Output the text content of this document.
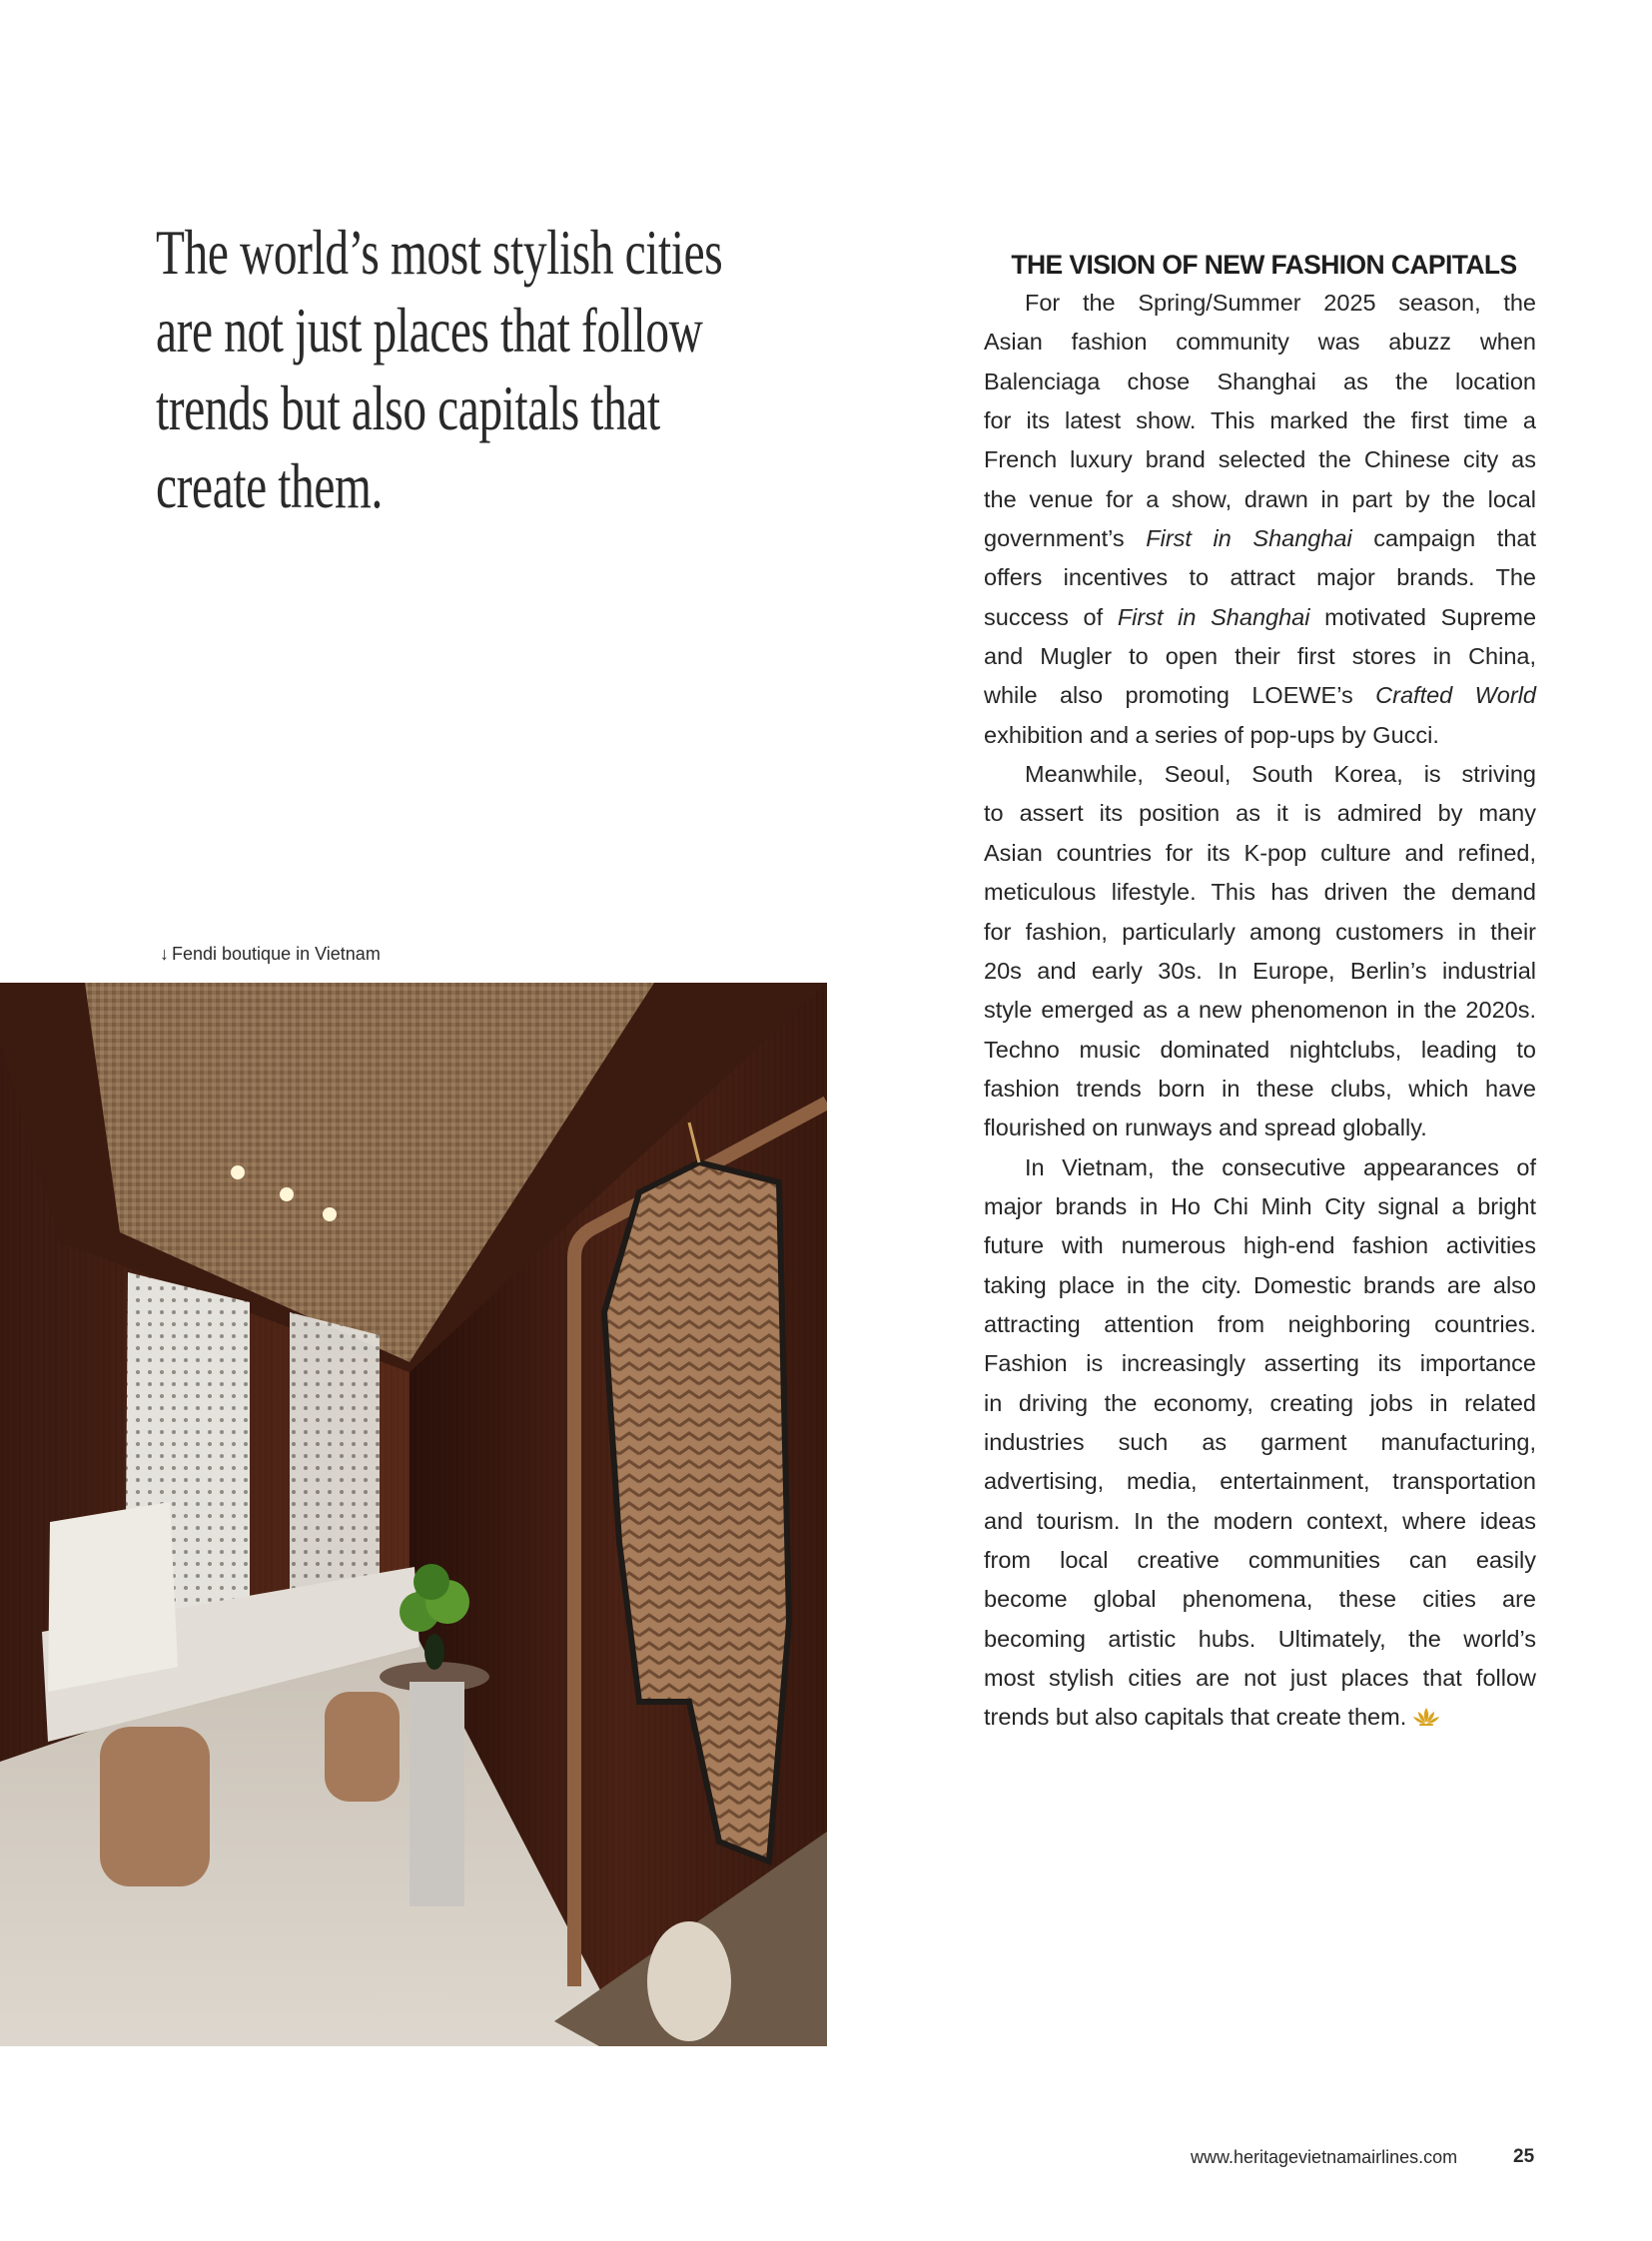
The world’s most stylish cities
are not just places that follow
trends but also capitals that
create them.
↓ Fendi boutique in Vietnam
THE VISION OF NEW FASHION CAPITALS
For the Spring/Summer 2025 season, the
Asian fashion community was abuzz when
Balenciaga chose Shanghai as the location
for its latest show. This marked the first time a
French luxury brand selected the Chinese city as
the venue for a show, drawn in part by the local
government’s First in Shanghai campaign that
offers incentives to attract major brands. The
success of First in Shanghai motivated Supreme
and Mugler to open their first stores in China,
while also promoting LOEWE’s Crafted World
exhibition and a series of pop-ups by Gucci.
Meanwhile, Seoul, South Korea, is striving
to assert its position as it is admired by many
Asian countries for its K-pop culture and refined,
meticulous lifestyle. This has driven the demand
for fashion, particularly among customers in their
20s and early 30s. In Europe, Berlin’s industrial
style emerged as a new phenomenon in the 2020s.
Techno music dominated nightclubs, leading to
fashion trends born in these clubs, which have
flourished on runways and spread globally.
In Vietnam, the consecutive appearances of
major brands in Ho Chi Minh City signal a bright
future with numerous high-end fashion activities
taking place in the city. Domestic brands are also
attracting attention from neighboring countries.
Fashion is increasingly asserting its importance
in driving the economy, creating jobs in related
industries such as garment manufacturing,
advertising, media, entertainment, transportation
and tourism. In the modern context, where ideas
from local creative communities can easily
become global phenomena, these cities are
becoming artistic hubs. Ultimately, the world’s
most stylish cities are not just places that follow
trends but also capitals that create them.
www.heritagevietnamairlines.com	25
